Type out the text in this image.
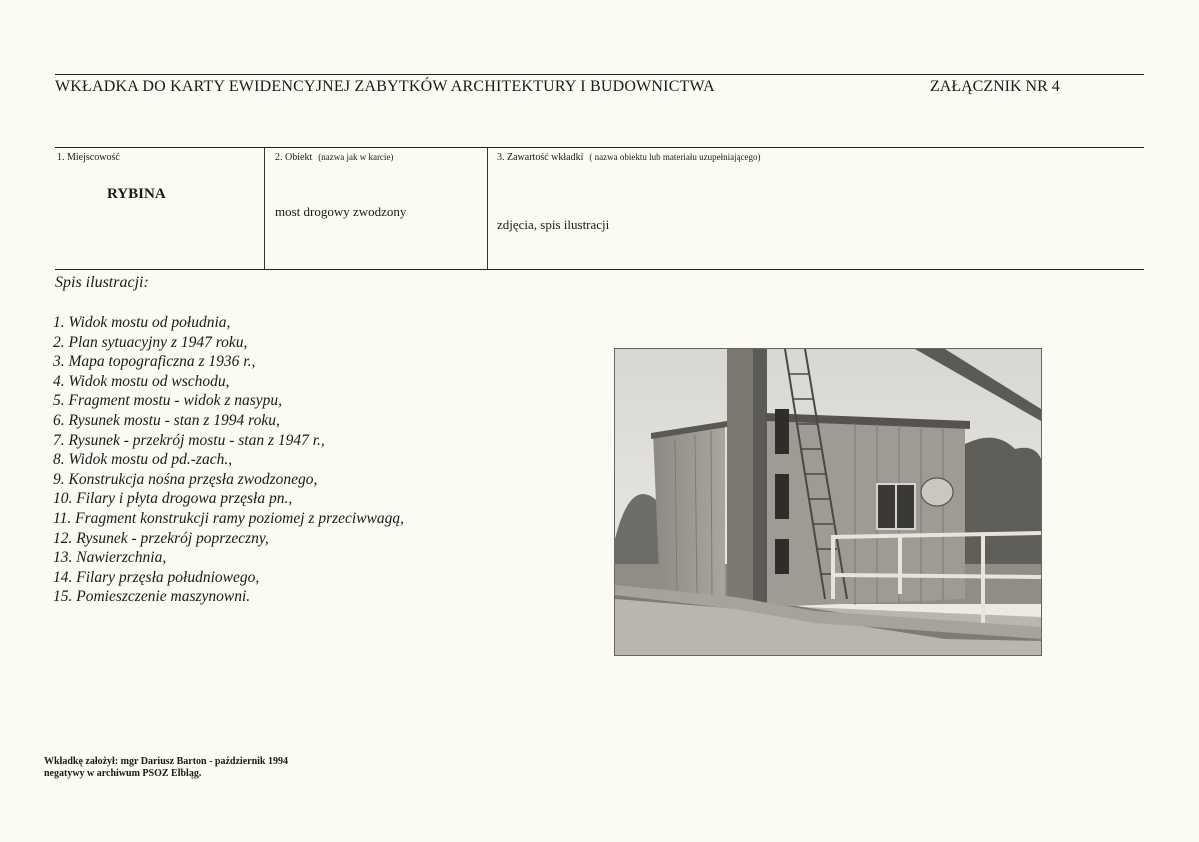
WKŁADKA DO KARTY EWIDENCYJNEJ ZABYTKÓW ARCHITEKTURY I BUDOWNICTWA	ZAŁĄCZNIK NR 4
1. Miejscowość
RYBINA
2. Obiekt (nazwa jak w karcie)
most drogowy zwodzony
3. Zawartość wkładki ( nazwa obiektu lub materiału uzupełniającego)
zdjęcia, spis ilustracji
Spis ilustracji:
1. Widok mostu od południa,
2. Plan sytuacyjny z 1947 roku,
3. Mapa topograficzna z 1936 r.,
4. Widok mostu od wschodu,
5. Fragment mostu - widok z nasypu,
6. Rysunek mostu - stan z 1994 roku,
7. Rysunek - przekrój mostu - stan z 1947 r.,
8. Widok mostu od pd.-zach.,
9. Konstrukcja nośna przęsła zwodzonego,
10. Filary i płyta drogowa przęsła pn.,
11. Fragment konstrukcji ramy poziomej z przeciwwagą,
12. Rysunek - przekrój poprzeczny,
13. Nawierzchnia,
14. Filary przęsła południowego,
15. Pomieszczenie maszynowni.
Wkładkę założył: mgr Dariusz Barton - październik 1994
negatywy w archiwum PSOZ Elbląg.
